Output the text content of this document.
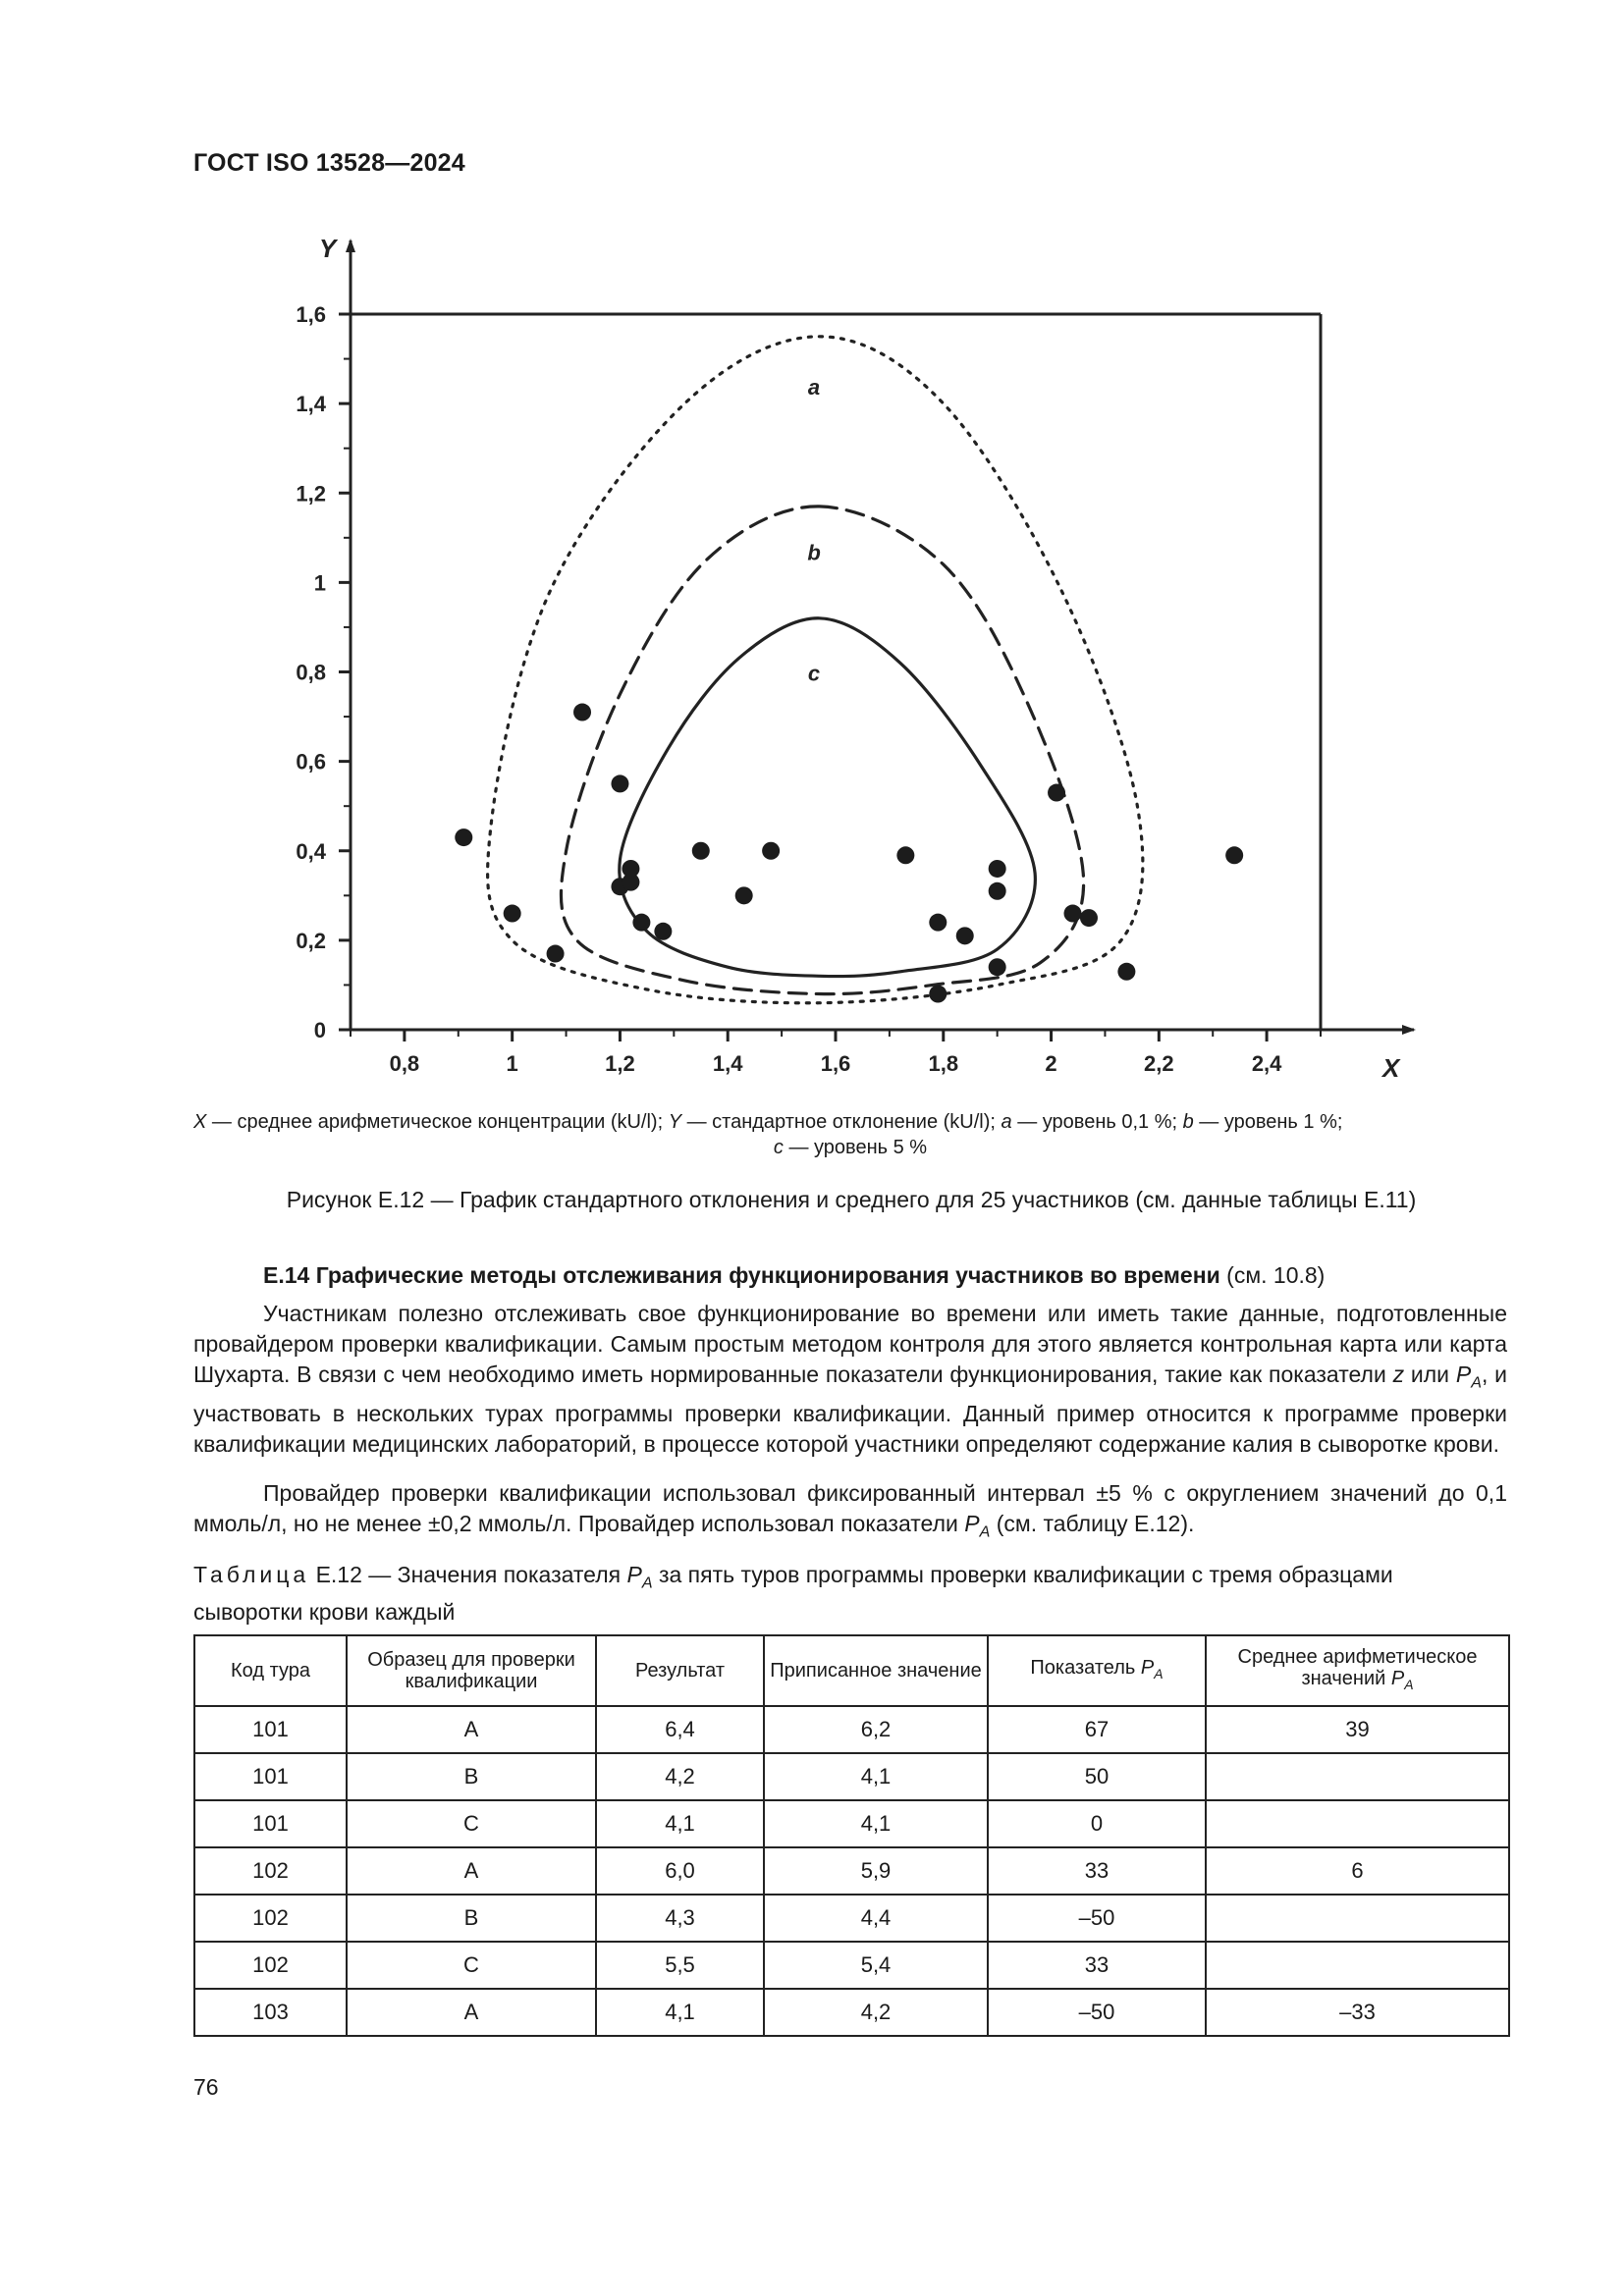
ГОСТ ISO 13528—2024
0
0,2
0,4
0,6
0,8
1
1,2
1,4
1,6
0,8	1	1,2	1,4	1,6	1,8	2	2,2	2,4	X
Y
a
b
c
X — среднее арифметическое концентрации (kU/l); Y — стандартное отклонение (kU/l); a — уровень 0,1 %; b — уровень 1 %;
c — уровень 5 %
Рисунок Е.12 — График стандартного отклонения и среднего для 25 участников (см. данные таблицы Е.11)
Е.14 Графические методы отслеживания функционирования участников во времени (см. 10.8)
Участникам полезно отслеживать свое функционирование во времени или иметь такие данные, подготовленные провайдером проверки квалификации. Самым простым методом контроля для этого является контрольная карта или карта Шухарта. В связи с чем необходимо иметь нормированные показатели функционирования, такие как показатели z или $P_A$, и участвовать в нескольких турах программы проверки квалификации. Данный пример относится к программе проверки квалификации медицинских лабораторий, в процессе которой участники определяют содержание калия в сыворотке крови.
Провайдер проверки квалификации использовал фиксированный интервал ±5 % с округлением значений до 0,1 ммоль/л, но не менее ±0,2 ммоль/л. Провайдер использовал показатели $P_A$ (см. таблицу Е.12).
Таблица Е.12 — Значения показателя $P_A$ за пять туров программы проверки квалификации с тремя образцами сыворотки крови каждый
Код тура	Образец для проверки квалификации	Результат	Приписанное значение	Показатель $P_A$	Среднее арифметическое значений $P_A$
101	A	6,4	6,2	67	39
101	B	4,2	4,1	50	
101	C	4,1	4,1	0	
102	A	6,0	5,9	33	6
102	B	4,3	4,4	–50	
102	C	5,5	5,4	33	
103	A	4,1	4,2	–50	–33
76
